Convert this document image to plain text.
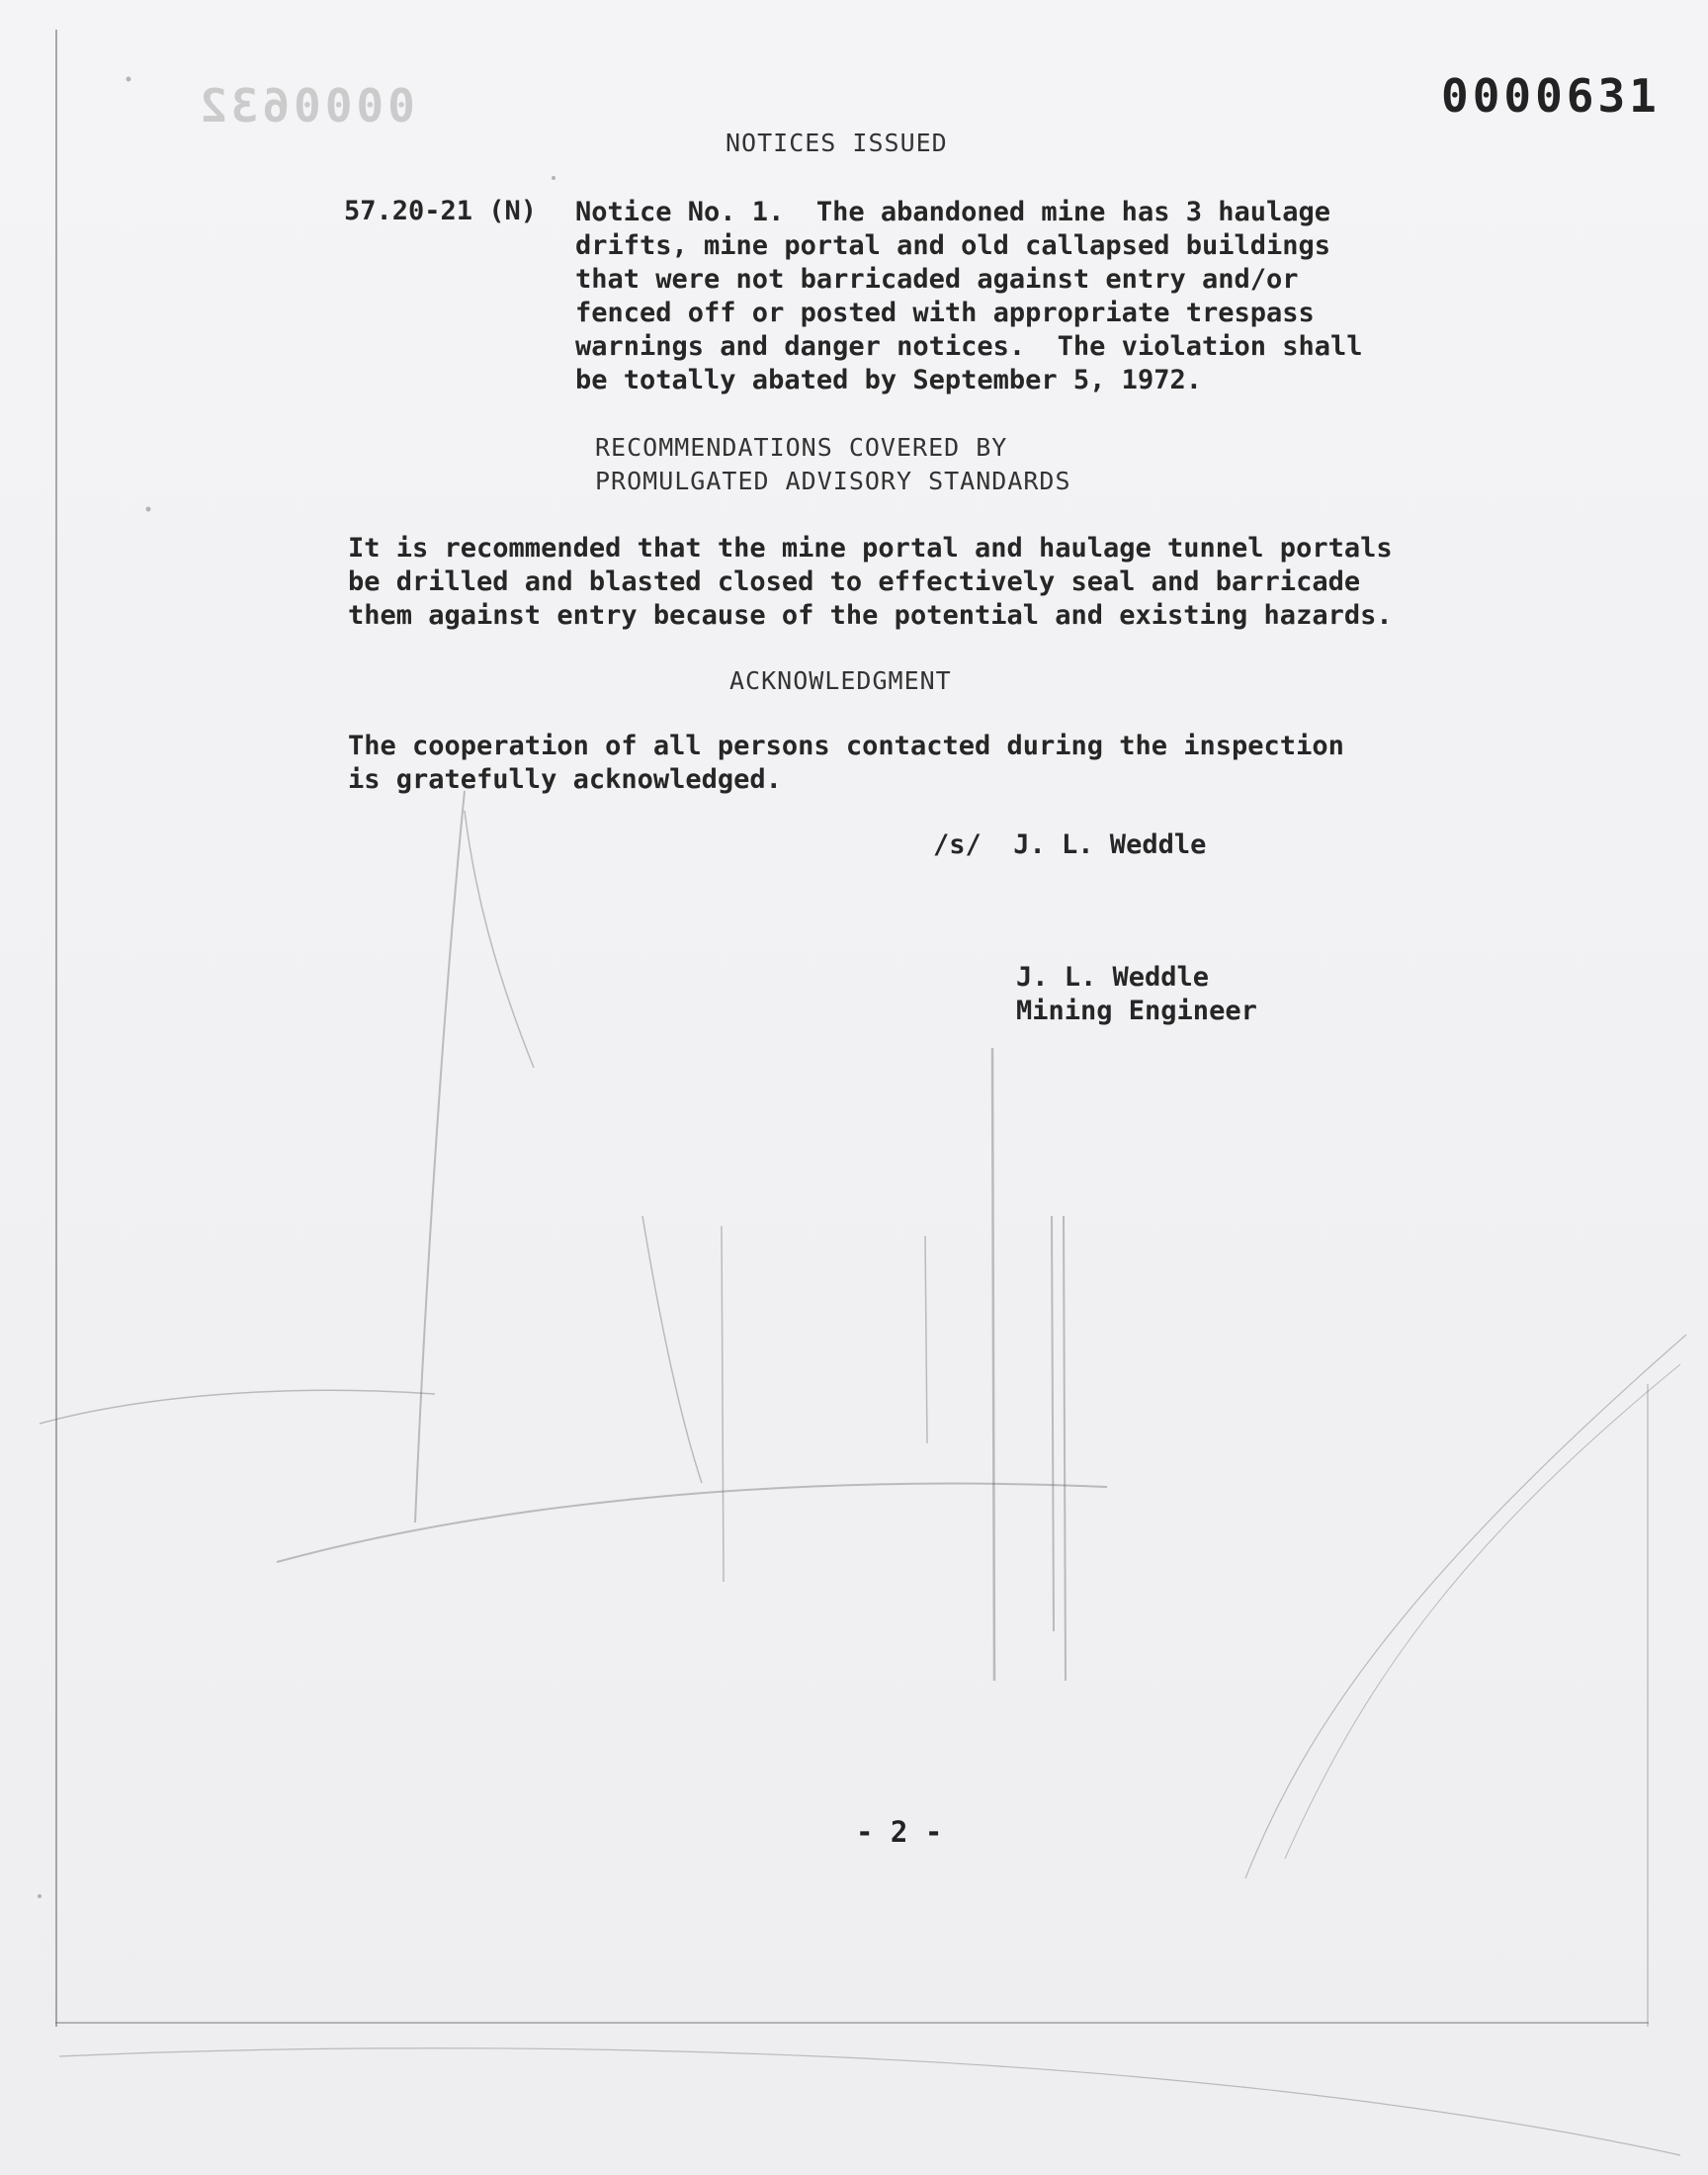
0000632	0000631
NOTICES ISSUED
57.20-21 (N) Notice No. 1.  The abandoned mine has 3 haulage

drifts, mine portal and old callapsed buildings

that were not barricaded against entry and/or

fenced off or posted with appropriate trespass

warnings and danger notices.  The violation shall

be totally abated by September 5, 1972.

RECOMMENDATIONS COVERED BY
PROMULGATED ADVISORY STANDARDS

It is recommended that the mine portal and haulage tunnel portals

be drilled and blasted closed to effectively seal and barricade

them against entry because of the potential and existing hazards.

ACKNOWLEDGMENT

The cooperation of all persons contacted during the inspection

is gratefully acknowledged.

/s/  J. L. Weddle

J. L. Weddle

Mining Engineer

- 2 -
